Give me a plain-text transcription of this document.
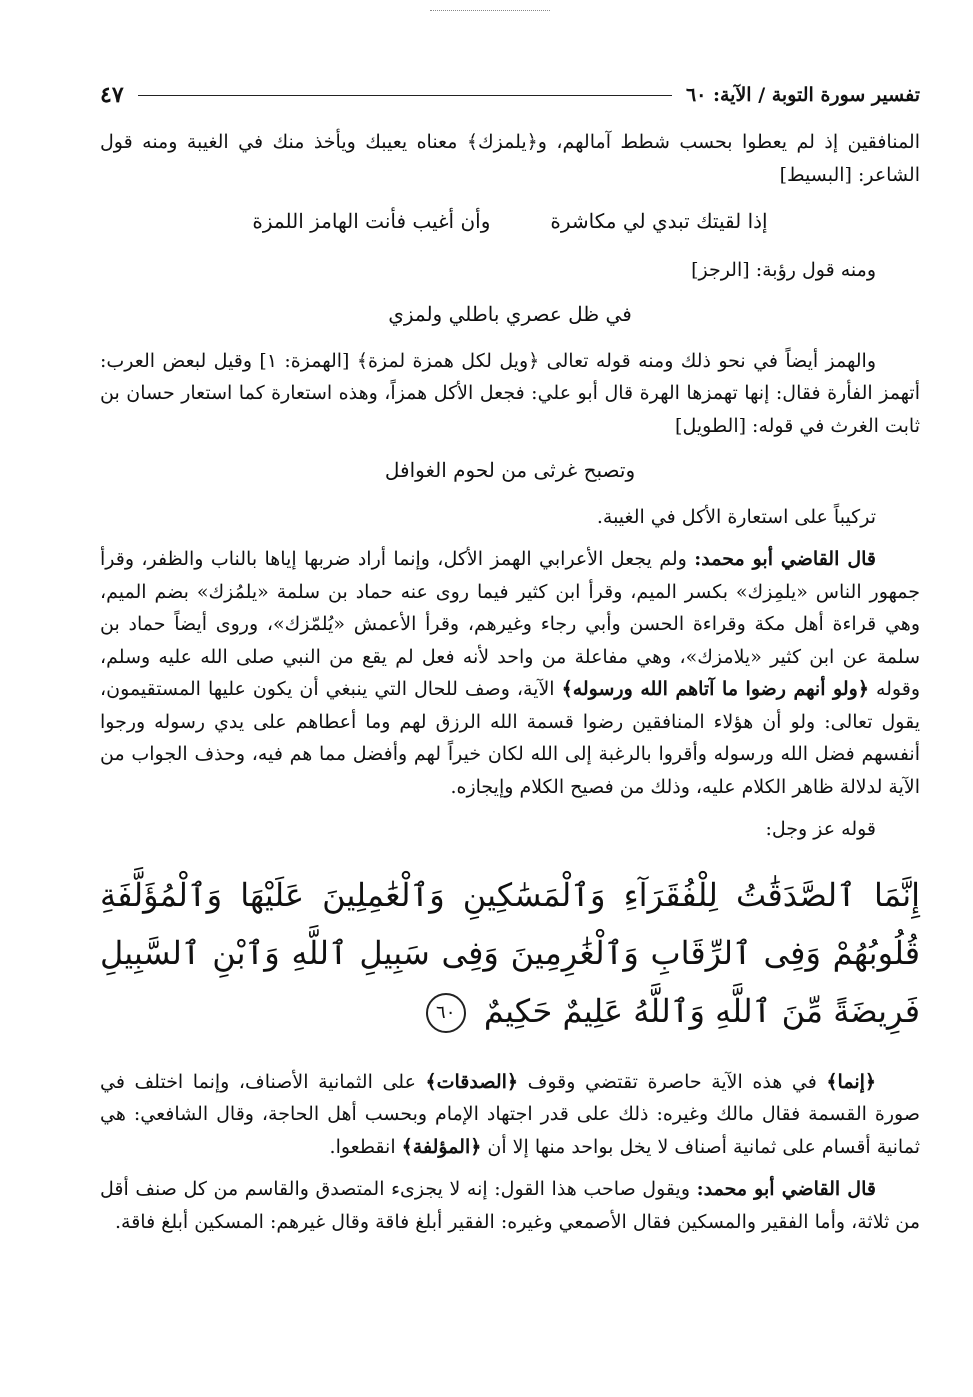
تفسير سورة التوبة / الآية: ٦٠
٤٧

المنافقين إذ لم يعطوا بحسب شطط آمالهم، و﴿يلمزك﴾ معناه يعيبك ويأخذ منك في الغيبة ومنه قول الشاعر: [البسيط]

إذا لقيتك تبدي لي مكاشرة
وأن أغيب فأنت الهامز اللمزة

ومنه قول رؤبة: [الرجز]

في ظل عصري باطلي ولمزي

والهمز أيضاً في نحو ذلك ومنه قوله تعالى ﴿ويل لكل همزة لمزة﴾ [الهمزة: ١] وقيل لبعض العرب: أتهمز الفأرة فقال: إنها تهمزها الهرة قال أبو علي: فجعل الأكل همزاً، وهذه استعارة كما استعار حسان بن ثابت الغرث في قوله: [الطويل]

وتصبح غرثى من لحوم الغوافل

تركيباً على استعارة الأكل في الغيبة.

قال القاضي أبو محمد: ولم يجعل الأعرابي الهمز الأكل، وإنما أراد ضربها إياها بالناب والظفر، وقرأ جمهور الناس «يلمِزك» بكسر الميم، وقرأ ابن كثير فيما روى عنه حماد بن سلمة «يلمُزك» بضم الميم، وهي قراءة أهل مكة وقراءة الحسن وأبي رجاء وغيرهم، وقرأ الأعمش «يُلمّزك»، وروى أيضاً حماد بن سلمة عن ابن كثير «يلامزك»، وهي مفاعلة من واحد لأنه فعل لم يقع من النبي صلى الله عليه وسلم، وقوله ﴿ولو أنهم رضوا ما آتاهم الله ورسوله﴾ الآية، وصف للحال التي ينبغي أن يكون عليها المستقيمون، يقول تعالى: ولو أن هؤلاء المنافقين رضوا قسمة الله الرزق لهم وما أعطاهم على يدي رسوله ورجوا أنفسهم فضل الله ورسوله وأقروا بالرغبة إلى الله لكان خيراً لهم وأفضل مما هم فيه، وحذف الجواب من الآية لدلالة ظاهر الكلام عليه، وذلك من فصيح الكلام وإيجازه.

قوله عز وجل:

إِنَّمَا ٱلصَّدَقَٰتُ لِلْفُقَرَآءِ وَٱلْمَسَٰكِينِ وَٱلْعَٰمِلِينَ عَلَيْهَا وَٱلْمُؤَلَّفَةِ قُلُوبُهُمْ وَفِى ٱلرِّقَابِ وَٱلْغَٰرِمِينَ وَفِى سَبِيلِ ٱللَّهِ وَٱبْنِ ٱلسَّبِيلِ فَرِيضَةً مِّنَ ٱللَّهِ وَٱللَّهُ عَلِيمٌ حَكِيمٌ ٦٠

﴿إنما﴾ في هذه الآية حاصرة تقتضي وقوف ﴿الصدقات﴾ على الثمانية الأصناف، وإنما اختلف في صورة القسمة فقال مالك وغيره: ذلك على قدر اجتهاد الإمام وبحسب أهل الحاجة، وقال الشافعي: هي ثمانية أقسام على ثمانية أصناف لا يخل بواحد منها إلا أن ﴿المؤلفة﴾ انقطعوا.

قال القاضي أبو محمد: ويقول صاحب هذا القول: إنه لا يجزىء المتصدق والقاسم من كل صنف أقل من ثلاثة، وأما الفقير والمسكين فقال الأصمعي وغيره: الفقير أبلغ فاقة وقال غيرهم: المسكين أبلغ فاقة.
